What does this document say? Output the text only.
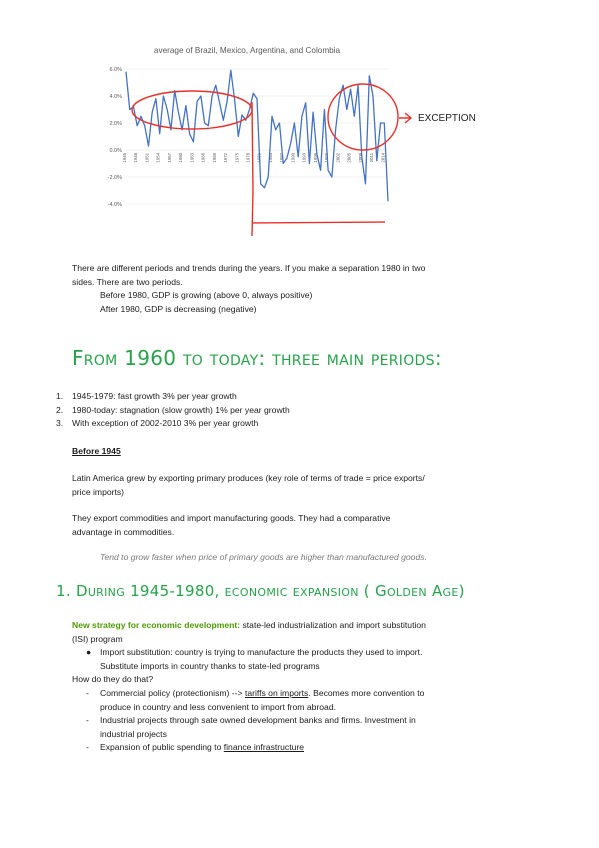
average of Brazil, Mexico, Argentina, and Colombia
6.0%
4.0%
2.0%
0.0%
-2.0%
-4.0%
1945 1948 1951 1954 1957 1960 1963 1966 1969 1972 1975 1978 1981 1984 1987 1990 1993 1996 1999 2002 2005 2008 2011 2014
EXCEPTION
There are different periods and trends during the years. If you make a separation 1980 in two
sides. There are two periods.
Before 1980, GDP is growing (above 0, always positive)
After 1980, GDP is decreasing (negative)
From 1960 to today: three main periods:
1.	1945-1979: fast growth 3% per year growth
2.	1980-today: stagnation (slow growth) 1% per year growth
3.	With exception of 2002-2010 3% per year growth
Before 1945
Latin America grew by exporting primary produces (key role of terms of trade = price exports/
price imports)
They export commodities and import manufacturing goods. They had a comparative
advantage in commodities.
Tend to grow faster when price of primary goods are higher than manufactured goods.
1. During 1945-1980, economic expansion ( Golden Age)
New strategy for economic development: state-led industrialization and import substitution
(ISI) program
●	Import substitution: country is trying to manufacture the products they used to import.
Substitute imports in country thanks to state-led programs
How do they do that?
-	Commercial policy (protectionism) --> tariffs on imports. Becomes more convention to
produce in country and less convenient to import from abroad.
-	Industrial projects through sate owned development banks and firms. Investment in
industrial projects
-	Expansion of public spending to finance infrastructure
